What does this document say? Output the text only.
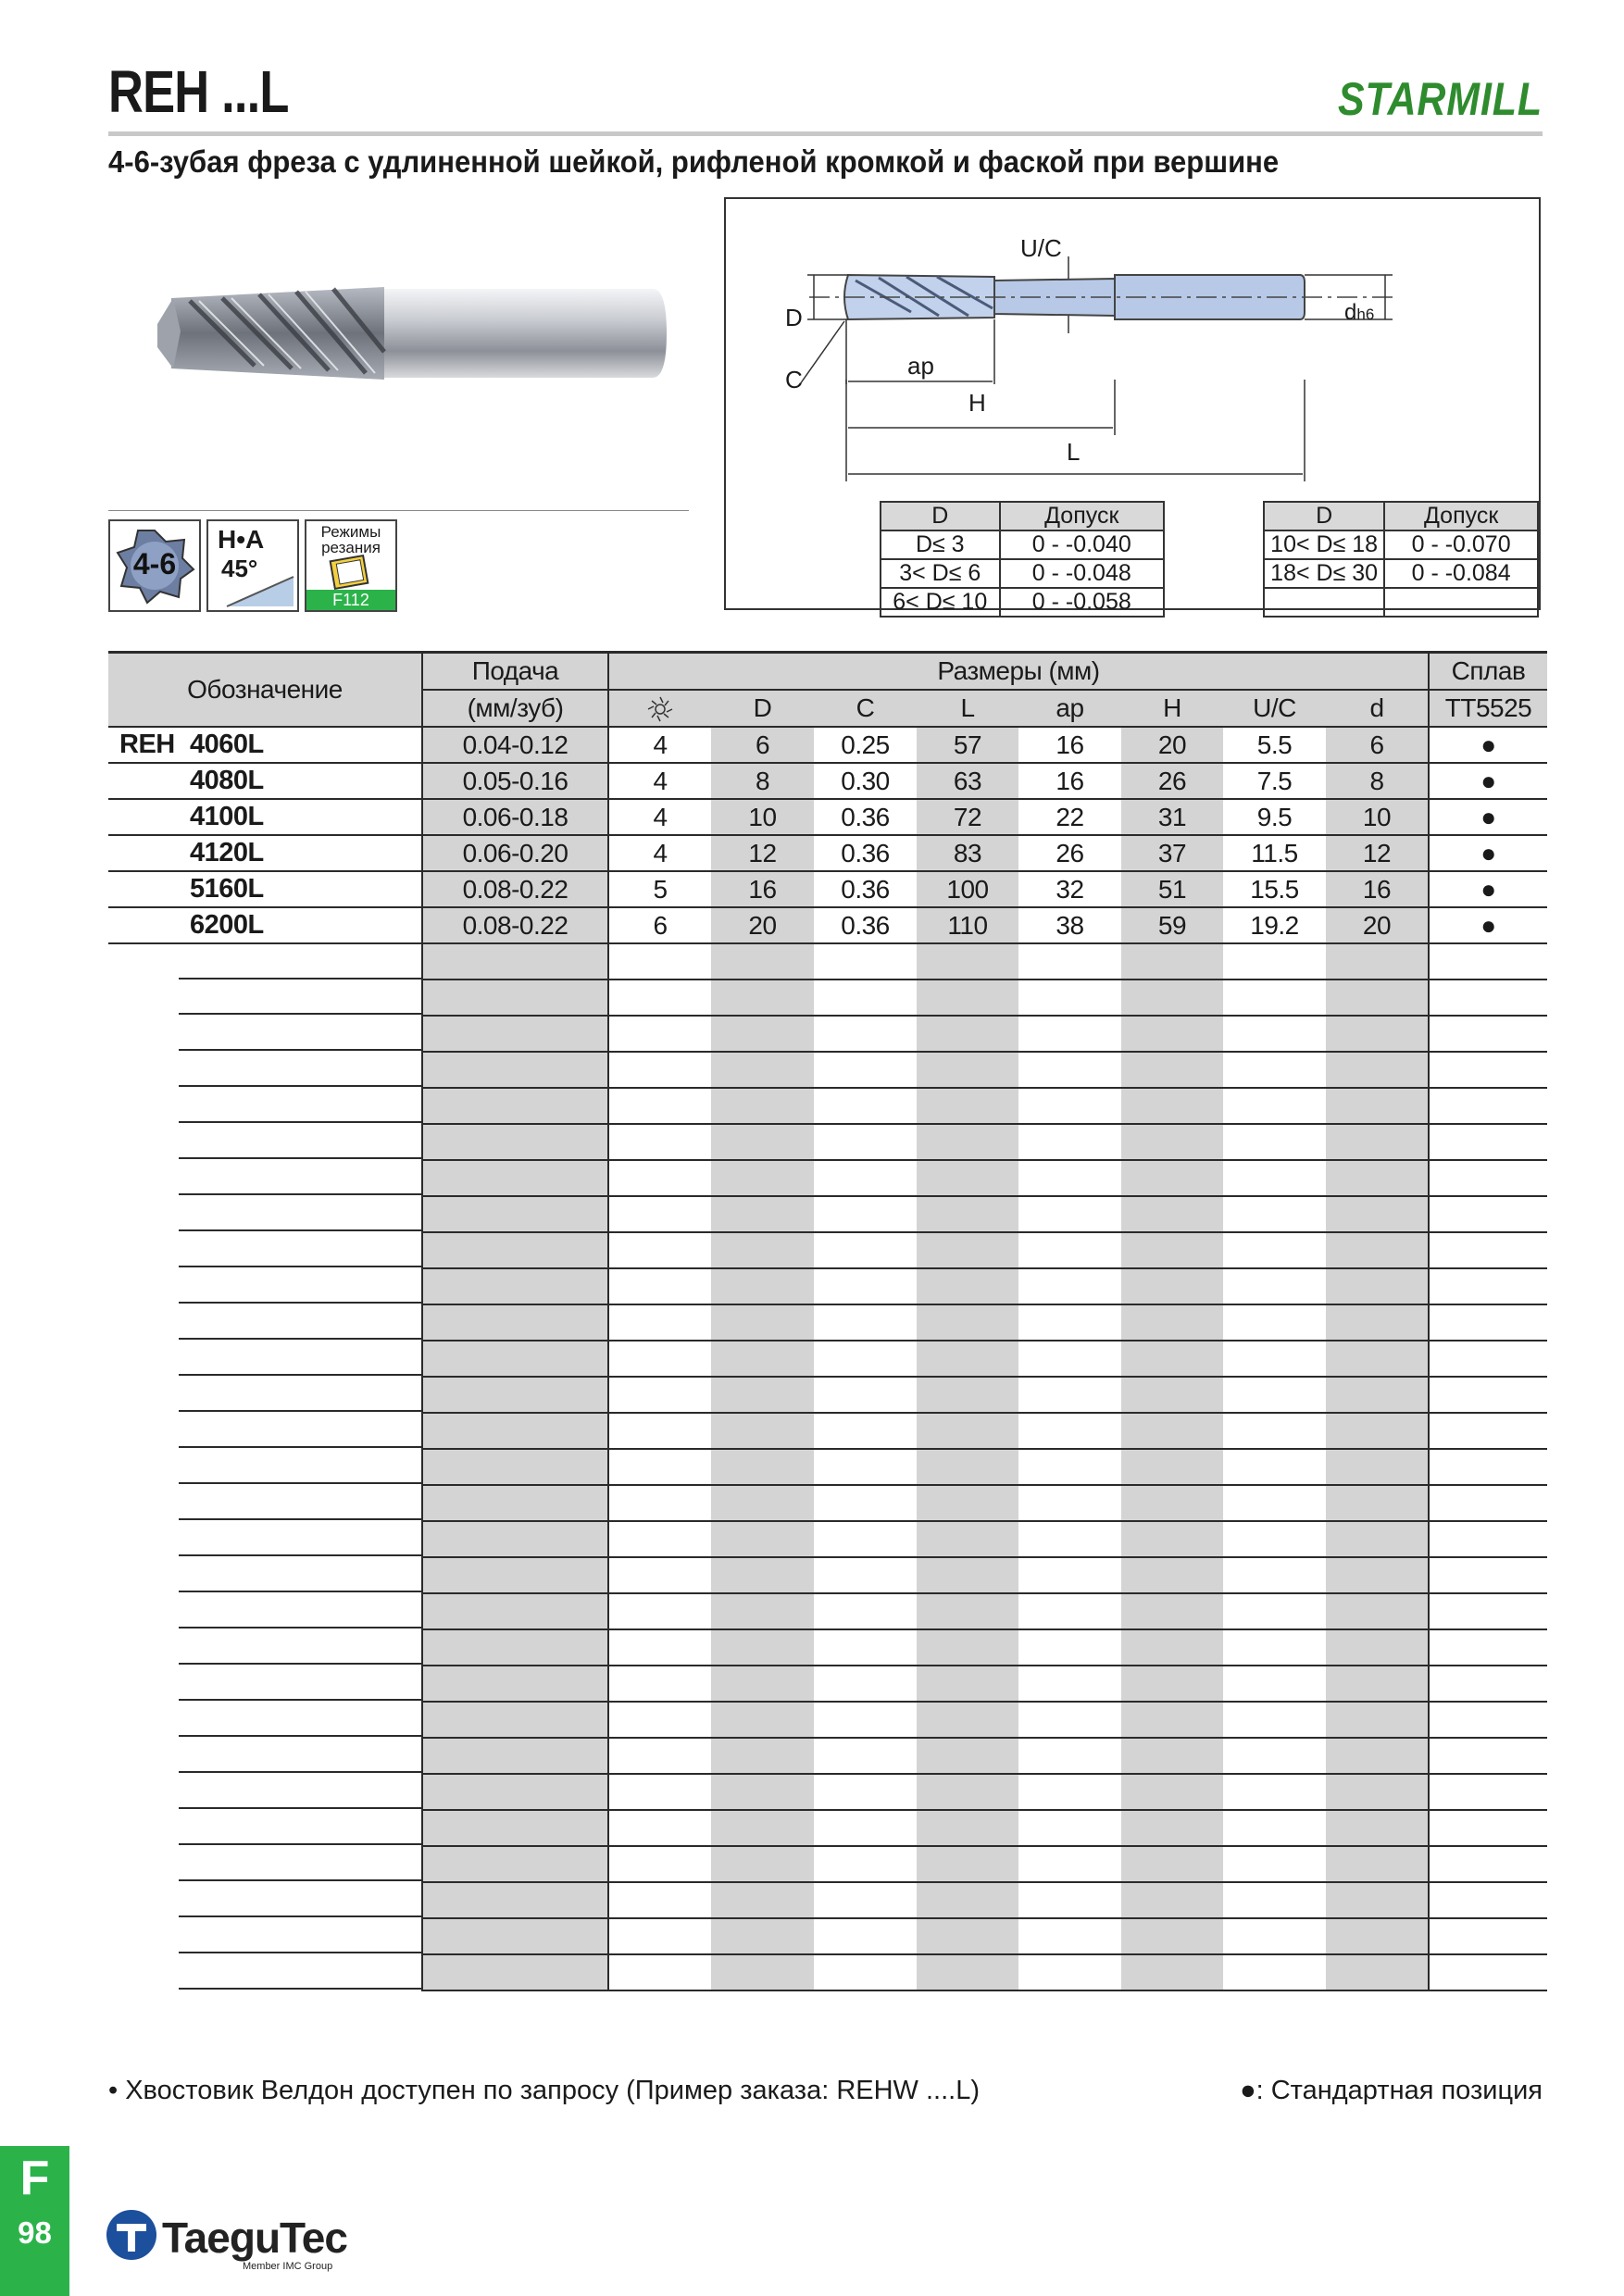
REH ...L	STARMILL
4-6-зубая фреза с удлиненной шейкой, рифленой кромкой и фаской при вершине
4-6
H•A
45°
Режимы
резания
F112
U/C
D
C	ap
H
L
dh6
D	Допуск
D≤ 3	0 - -0.040
3< D≤ 6	0 - -0.048
6< D≤ 10	0 - -0.058
D	Допуск
10< D≤ 18	0 - -0.070
18< D≤ 30	0 - -0.084

Обозначение	Подача	Размеры (мм)								Сплав
	(мм/зуб)		D	C	L	ap	H	U/C	d	TT5525
REH 4060L	0.04-0.12	4	6	0.25	57	16	20	5.5	6	●
4080L	0.05-0.16	4	8	0.30	63	16	26	7.5	8	●
4100L	0.06-0.18	4	10	0.36	72	22	31	9.5	10	●
4120L	0.06-0.20	4	12	0.36	83	26	37	11.5	12	●
5160L	0.08-0.22	5	16	0.36	100	32	51	15.5	16	●
6200L	0.08-0.22	6	20	0.36	110	38	59	19.2	20	●

• Хвостовик Велдон доступен по запросу (Пример заказа: REHW ....L)	●: Стандартная позиция
F
98	TaeguTec
Member IMC Group
